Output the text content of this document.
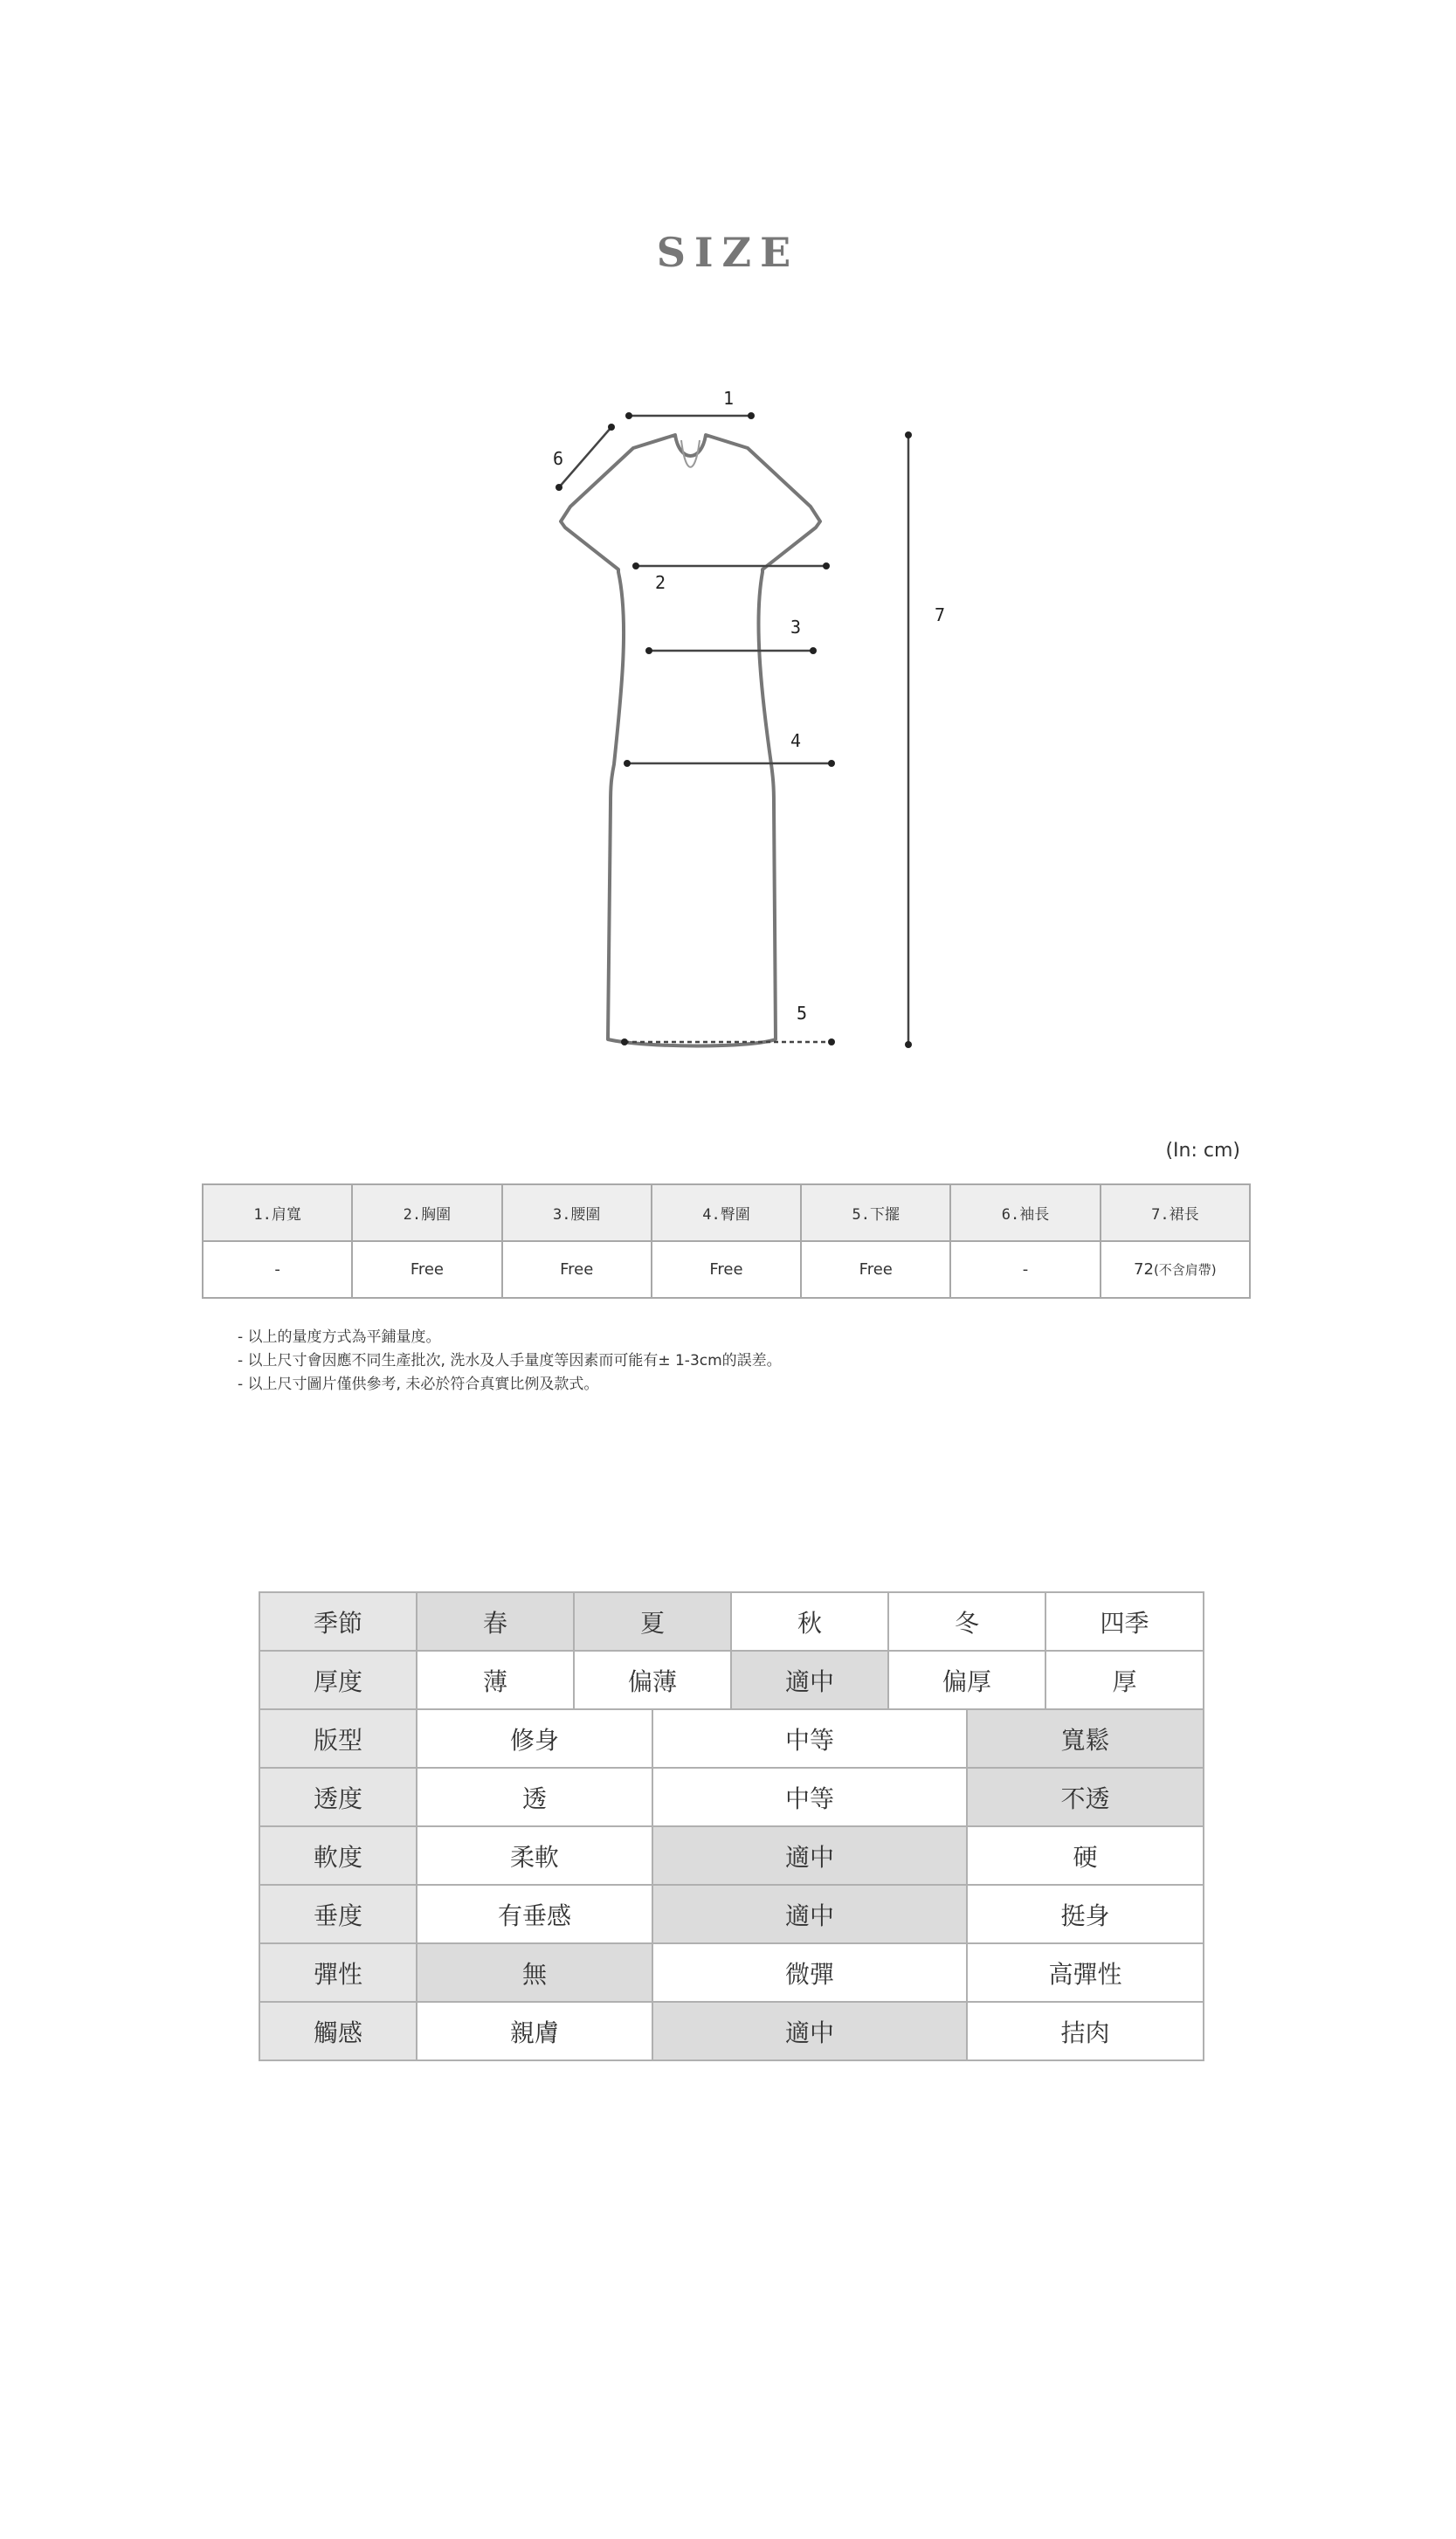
SIZE
1
6
2
3
4
5
7
(In: cm)
1.肩寬	2.胸圍	3.腰圍	4.臀圍	5.下擺	6.袖長	7.裙長
-	Free	Free	Free	Free	-	72(不含肩帶)
- 以上的量度方式為平鋪量度。
- 以上尺寸會因應不同生產批次, 洗水及人手量度等因素而可能有± 1-3cm的誤差。
- 以上尺寸圖片僅供參考, 未必於符合真實比例及款式。
季節	春	夏		秋	冬		四季
厚度	薄	偏薄		適中	偏厚		厚
版型	修身		中等			寬鬆	
透度	透		中等			不透	
軟度	柔軟		適中			硬	
垂度	有垂感		適中			挺身	
彈性	無		微彈			高彈性	
觸感	親膚		適中			拮肉	
